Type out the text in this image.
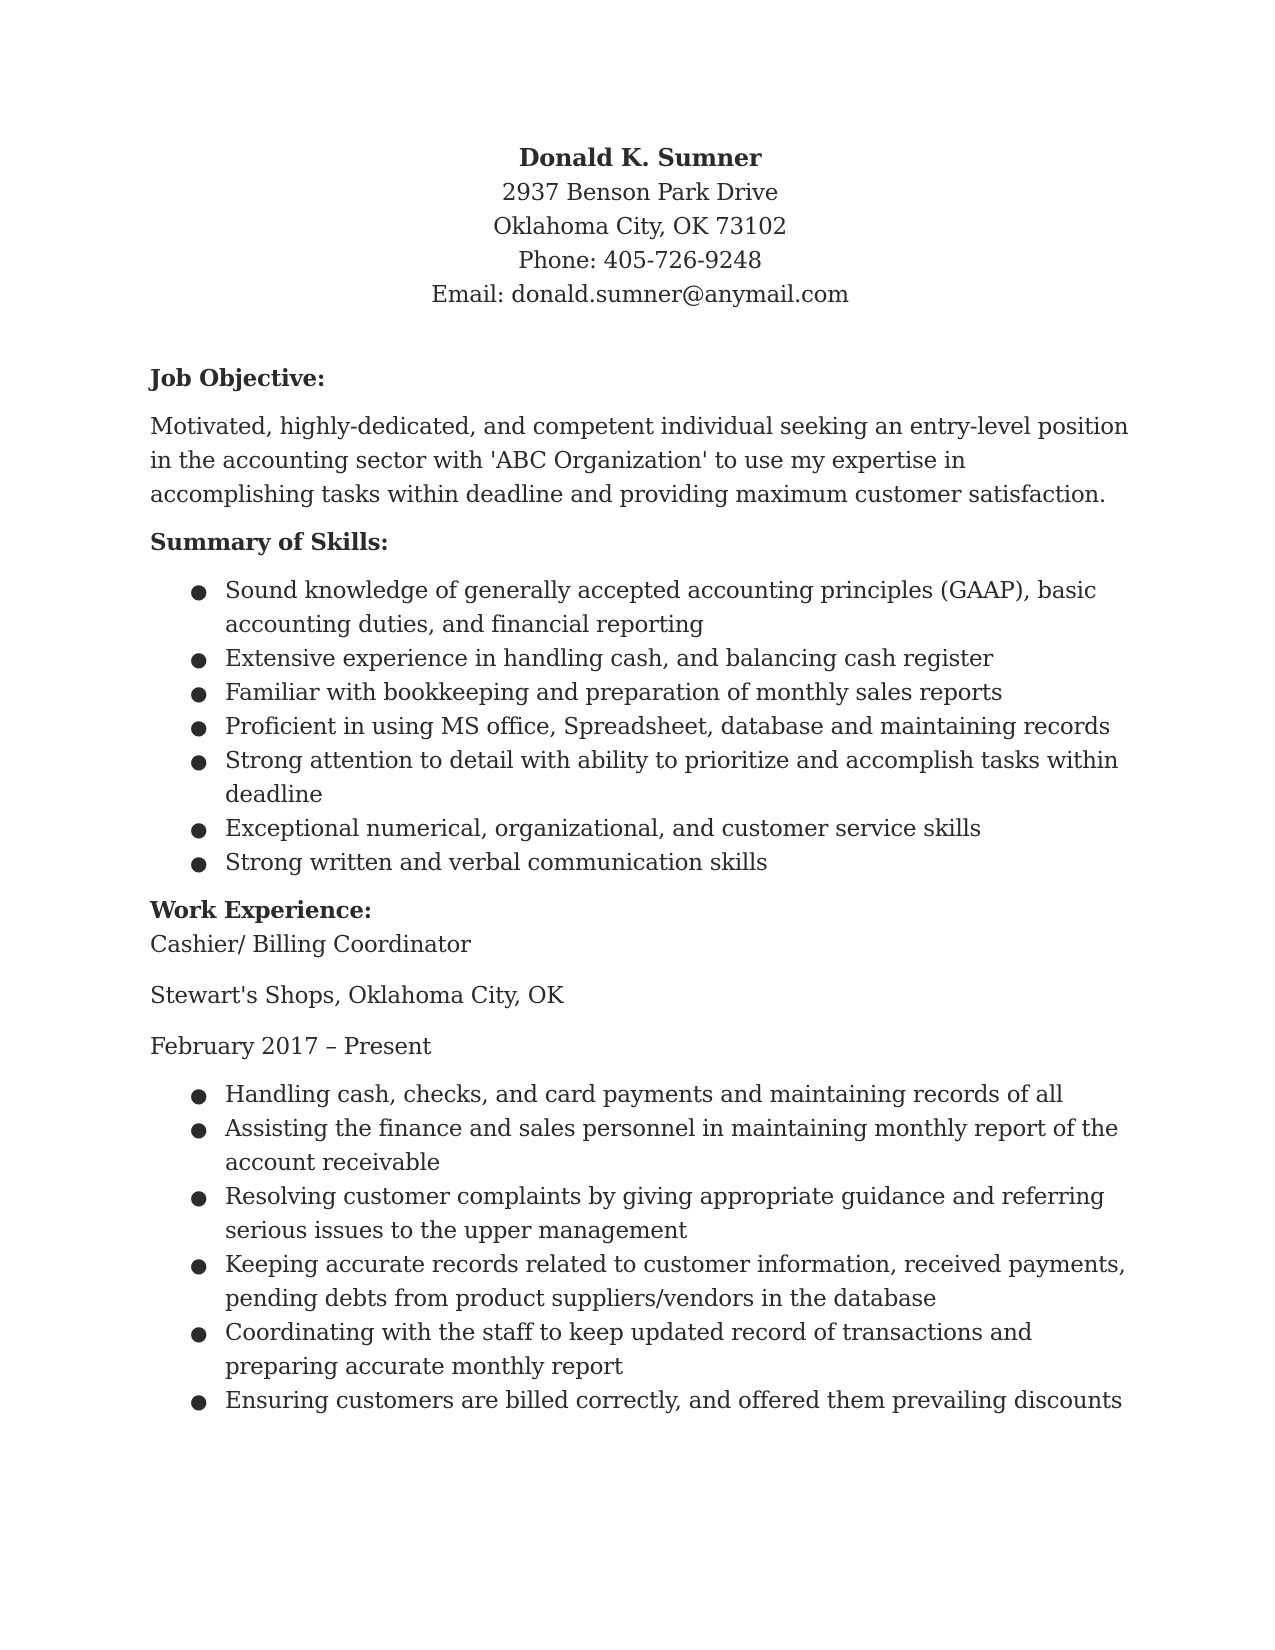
Donald K. Sumner
2937 Benson Park Drive
Oklahoma City, OK 73102
Phone: 405-726-9248
Email: donald.sumner@anymail.com
Job Objective:

Motivated, highly-dedicated, and competent individual seeking an entry-level position in the accounting sector with 'ABC Organization' to use my expertise in accomplishing tasks within deadline and providing maximum customer satisfaction.

Summary of Skills:
● Sound knowledge of generally accepted accounting principles (GAAP), basic accounting duties, and financial reporting
● Extensive experience in handling cash, and balancing cash register
● Familiar with bookkeeping and preparation of monthly sales reports
● Proficient in using MS office, Spreadsheet, database and maintaining records
● Strong attention to detail with ability to prioritize and accomplish tasks within deadline
● Exceptional numerical, organizational, and customer service skills
● Strong written and verbal communication skills
Work Experience:

Cashier/ Billing Coordinator

Stewart's Shops, Oklahoma City, OK

February 2017 – Present

● Handling cash, checks, and card payments and maintaining records of all
● Assisting the finance and sales personnel in maintaining monthly report of the account receivable
● Resolving customer complaints by giving appropriate guidance and referring serious issues to the upper management
● Keeping accurate records related to customer information, received payments, pending debts from product suppliers/vendors in the database
● Coordinating with the staff to keep updated record of transactions and preparing accurate monthly report
● Ensuring customers are billed correctly, and offered them prevailing discounts
